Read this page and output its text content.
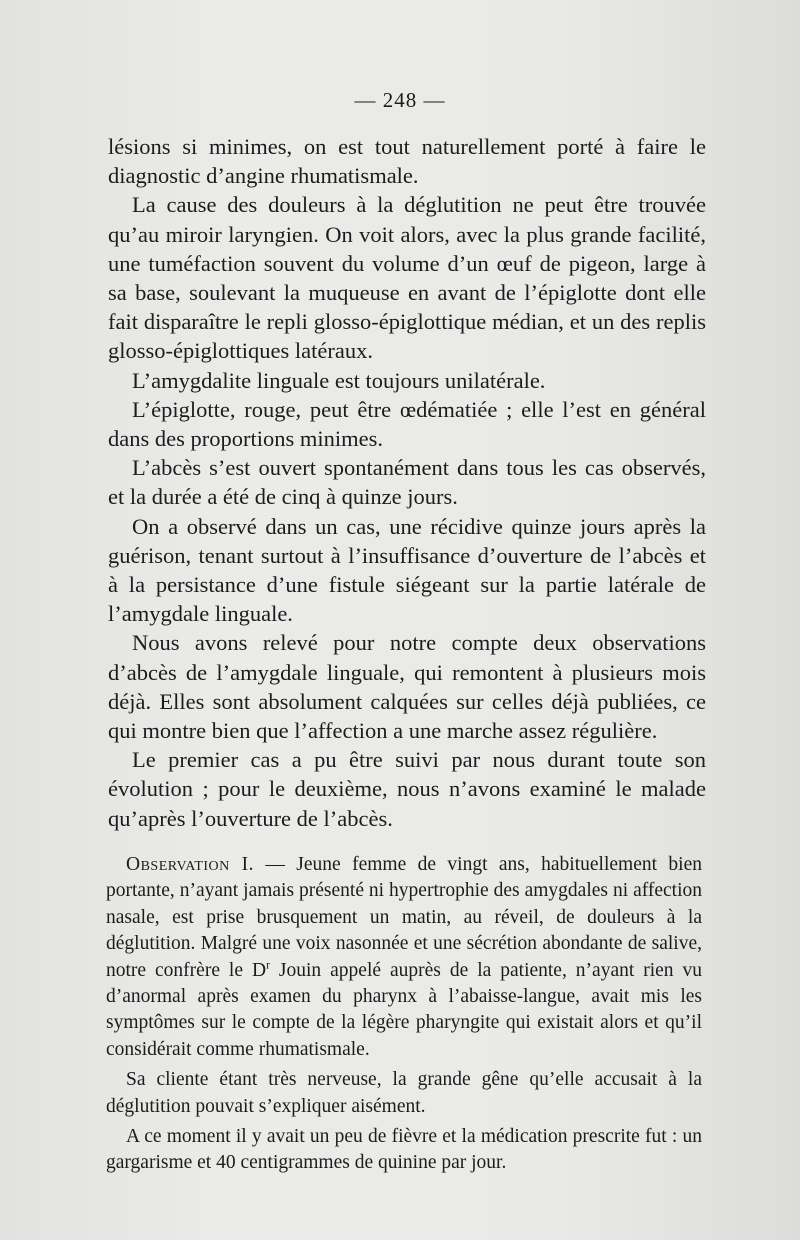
— 248 —

lésions si minimes, on est tout naturellement porté à faire le diagnostic d’angine rhumatismale.

La cause des douleurs à la déglutition ne peut être trouvée qu’au miroir laryngien. On voit alors, avec la plus grande facilité, une tuméfaction souvent du volume d’un œuf de pigeon, large à sa base, soulevant la muqueuse en avant de l’épiglotte dont elle fait disparaître le repli glosso-épiglottique médian, et un des replis glosso-épiglottiques latéraux.

L’amygdalite linguale est toujours unilatérale.

L’épiglotte, rouge, peut être œdématiée ; elle l’est en général dans des proportions minimes.

L’abcès s’est ouvert spontanément dans tous les cas observés, et la durée a été de cinq à quinze jours.

On a observé dans un cas, une récidive quinze jours après la guérison, tenant surtout à l’insuffisance d’ouverture de l’abcès et à la persistance d’une fistule siégeant sur la partie latérale de l’amygdale linguale.

Nous avons relevé pour notre compte deux observations d’abcès de l’amygdale linguale, qui remontent à plusieurs mois déjà. Elles sont absolument calquées sur celles déjà publiées, ce qui montre bien que l’affection a une marche assez régulière.

Le premier cas a pu être suivi par nous durant toute son évolution ; pour le deuxième, nous n’avons examiné le malade qu’après l’ouverture de l’abcès.

Observation I. — Jeune femme de vingt ans, habituellement bien portante, n’ayant jamais présenté ni hypertrophie des amygdales ni affection nasale, est prise brusquement un matin, au réveil, de douleurs à la déglutition. Malgré une voix nasonnée et une sécrétion abondante de salive, notre confrère le $D^r$ Jouin appelé auprès de la patiente, n’ayant rien vu d’anormal après examen du pharynx à l’abaisse-langue, avait mis les symptômes sur le compte de la légère pharyngite qui existait alors et qu’il considérait comme rhumatismale.

Sa cliente étant très nerveuse, la grande gêne qu’elle accusait à la déglutition pouvait s’expliquer aisément.

A ce moment il y avait un peu de fièvre et la médication prescrite fut : un gargarisme et 40 centigrammes de quinine par jour.
